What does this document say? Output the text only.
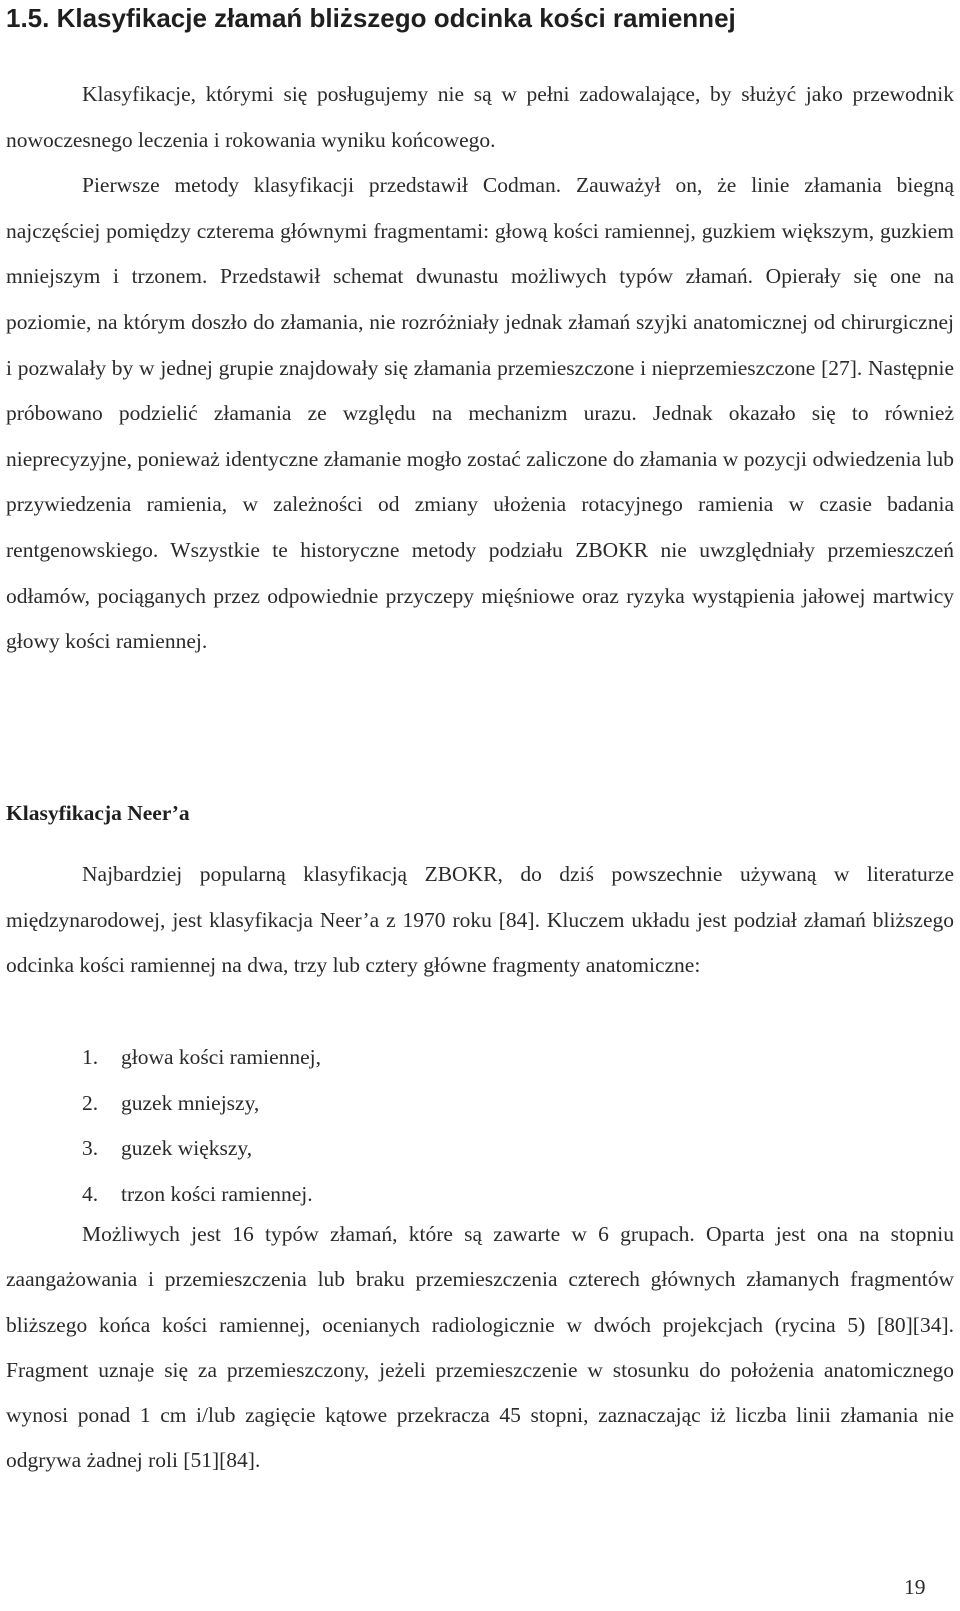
1.5. Klasyfikacje złamań bliższego odcinka kości ramiennej

Klasyfikacje, którymi się posługujemy nie są w pełni zadowalające, by służyć jako przewodnik nowoczesnego leczenia i rokowania wyniku końcowego.

Pierwsze metody klasyfikacji przedstawił Codman. Zauważył on, że linie złamania biegną najczęściej pomiędzy czterema głównymi fragmentami: głową kości ramiennej, guzkiem większym, guzkiem mniejszym i trzonem. Przedstawił schemat dwunastu możliwych typów złamań. Opierały się one na poziomie, na którym doszło do złamania, nie rozróżniały jednak złamań szyjki anatomicznej od chirurgicznej i pozwalały by w jednej grupie znajdowały się złamania przemieszczone i nieprzemieszczone [27]. Następnie próbowano podzielić złamania ze względu na mechanizm urazu. Jednak okazało się to również nieprecyzyjne, ponieważ identyczne złamanie mogło zostać zaliczone do złamania w pozycji odwiedzenia lub przywiedzenia ramienia, w zależności od zmiany ułożenia rotacyjnego ramienia w czasie badania rentgenowskiego. Wszystkie te historyczne metody podziału ZBOKR nie uwzględniały przemieszczeń odłamów, pociąganych przez odpowiednie przyczepy mięśniowe oraz ryzyka wystąpienia jałowej martwicy głowy kości ramiennej.

Klasyfikacja Neer’a

Najbardziej popularną klasyfikacją ZBOKR, do dziś powszechnie używaną w literaturze międzynarodowej, jest klasyfikacja Neer’a z 1970 roku [84]. Kluczem układu jest podział złamań bliższego odcinka kości ramiennej na dwa, trzy lub cztery główne fragmenty anatomiczne:

1.	głowa kości ramiennej,
2.	guzek mniejszy,
3.	guzek większy,
4.	trzon kości ramiennej.

Możliwych jest 16 typów złamań, które są zawarte w 6 grupach. Oparta jest ona na stopniu zaangażowania i przemieszczenia lub braku przemieszczenia czterech głównych złamanych fragmentów bliższego końca kości ramiennej, ocenianych radiologicznie w dwóch projekcjach (rycina 5) [80][34]. Fragment uznaje się za przemieszczony, jeżeli przemieszczenie w stosunku do położenia anatomicznego wynosi ponad 1 cm i/lub zagięcie kątowe przekracza 45 stopni, zaznaczając iż liczba linii złamania nie odgrywa żadnej roli [51][84].

19
